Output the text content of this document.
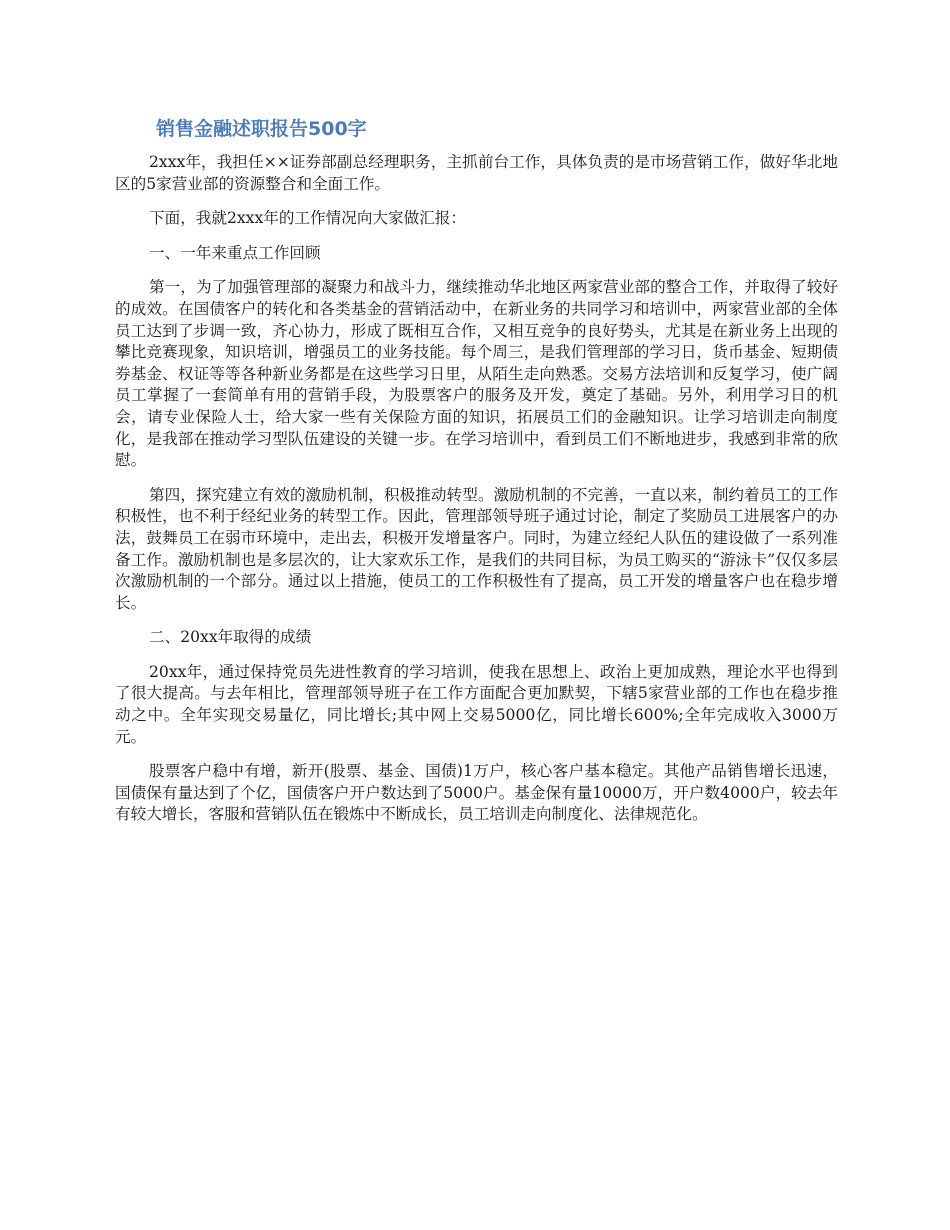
销售金融述职报告500字

2xxx年，我担任××证券部副总经理职务，主抓前台工作，具体负责的是市场营销工作，做好华北地区的5家营业部的资源整合和全面工作。

下面，我就2xxx年的工作情况向大家做汇报：

一、一年来重点工作回顾

第一，为了加强管理部的凝聚力和战斗力，继续推动华北地区两家营业部的整合工作，并取得了较好的成效。在国债客户的转化和各类基金的营销活动中，在新业务的共同学习和培训中，两家营业部的全体员工达到了步调一致，齐心协力，形成了既相互合作，又相互竞争的良好势头，尤其是在新业务上出现的攀比竞赛现象，知识培训，增强员工的业务技能。每个周三，是我们管理部的学习日，货币基金、短期债券基金、权证等等各种新业务都是在这些学习日里，从陌生走向熟悉。交易方法培训和反复学习，使广阔员工掌握了一套简单有用的营销手段，为股票客户的服务及开发，奠定了基础。另外，利用学习日的机会，请专业保险人士，给大家一些有关保险方面的知识，拓展员工们的金融知识。让学习培训走向制度化，是我部在推动学习型队伍建设的关键一步。在学习培训中，看到员工们不断地进步，我感到非常的欣慰。

第四，探究建立有效的激励机制，积极推动转型。激励机制的不完善，一直以来，制约着员工的工作积极性，也不利于经纪业务的转型工作。因此，管理部领导班子通过讨论，制定了奖励员工进展客户的办法，鼓舞员工在弱市环境中，走出去，积极开发增量客户。同时，为建立经纪人队伍的建设做了一系列准备工作。激励机制也是多层次的，让大家欢乐工作，是我们的共同目标，为员工购买的“游泳卡”仅仅多层次激励机制的一个部分。通过以上措施，使员工的工作积极性有了提高，员工开发的增量客户也在稳步增长。

二、20xx年取得的成绩

20xx年，通过保持党员先进性教育的学习培训，使我在思想上、政治上更加成熟，理论水平也得到了很大提高。与去年相比，管理部领导班子在工作方面配合更加默契，下辖5家营业部的工作也在稳步推动之中。全年实现交易量亿，同比增长;其中网上交易5000亿，同比增长600%;全年完成收入3000万元。

股票客户稳中有增，新开(股票、基金、国债)1万户，核心客户基本稳定。其他产品销售增长迅速，国债保有量达到了个亿，国债客户开户数达到了5000户。基金保有量10000万，开户数4000户，较去年有较大增长，客服和营销队伍在锻炼中不断成长，员工培训走向制度化、法律规范化。
